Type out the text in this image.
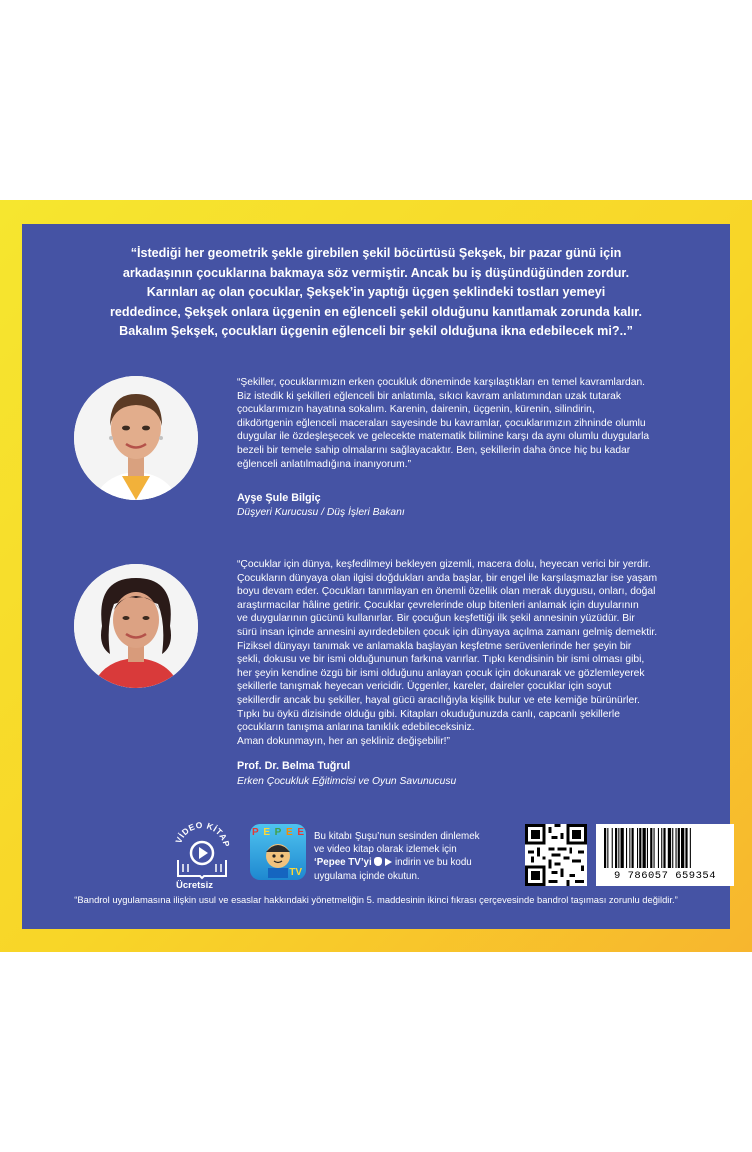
“İstediği her geometrik şekle girebilen şekil böcürtüsü Şekşek, bir pazar günü için
arkadaşının çocuklarına bakmaya söz vermiştir. Ancak bu iş düşündüğünden zordur.
Karınları aç olan çocuklar, Şekşek’in yaptığı üçgen şeklindeki tostları yemeyi
reddedince, Şekşek onlara üçgenin en eğlenceli şekil olduğunu kanıtlamak zorunda kalır.
Bakalım Şekşek, çocukları üçgenin eğlenceli bir şekil olduğuna ikna edebilecek mi?..”

“Şekiller, çocuklarımızın erken çocukluk döneminde karşılaştıkları en temel kavramlardan.
Biz istedik ki şekilleri eğlenceli bir anlatımla, sıkıcı kavram anlatımından uzak tutarak
çocuklarımızın hayatına sokalım. Karenin, dairenin, üçgenin, kürenin, silindirin,
dikdörtgenin eğlenceli maceraları sayesinde bu kavramlar, çocuklarımızın zihninde olumlu
duygular ile özdeşleşecek ve gelecekte matematik bilimine karşı da aynı olumlu duygularla
bezeli bir temele sahip olmalarını sağlayacaktır. Ben, şekillerin daha önce hiç bu kadar
eğlenceli anlatılmadığına inanıyorum.”

Ayşe Şule Bilgiç
Düşyeri Kurucusu / Düş İşleri Bakanı

“Çocuklar için dünya, keşfedilmeyi bekleyen gizemli, macera dolu, heyecan verici bir yerdir.
Çocukların dünyaya olan ilgisi doğdukları anda başlar, bir engel ile karşılaşmazlar ise yaşam
boyu devam eder. Çocukları tanımlayan en önemli özellik olan merak duygusu, onları, doğal
araştırmacılar hâline getirir. Çocuklar çevrelerinde olup bitenleri anlamak için duyularının
ve duygularının gücünü kullanırlar. Bir çocuğun keşfettiği ilk şekil annesinin yüzüdür. Bir
sürü insan içinde annesini ayırdedebilen çocuk için dünyaya açılma zamanı gelmiş demektir.
Fiziksel dünyayı tanımak ve anlamakla başlayan keşfetme serüvenlerinde her şeyin bir
şekli, dokusu ve bir ismi olduğununun farkına varırlar. Tıpkı kendisinin bir ismi olması gibi,
her şeyin kendine özgü bir ismi olduğunu anlayan çocuk için dokunarak ve gözlemleyerek
şekillerle tanışmak heyecan vericidir. Üçgenler, kareler, daireler çocuklar için soyut
şekillerdir ancak bu şekiller, hayal gücü aracılığıyla kişilik bulur ve ete kemiğe bürünürler.
Tıpkı bu öykü dizisinde olduğu gibi. Kitapları okuduğunuzda canlı, capcanlı şekillerle
çocukların tanışma anlarına tanıklık edebileceksiniz.
Aman dokunmayın, her an şekliniz değişebilir!”

Prof. Dr. Belma Tuğrul
Erken Çocukluk Eğitimcisi ve Oyun Savunucusu
VİDEO KİTAP
Ücretsiz
P E P E E
TV
Bu kitabı Şuşu’nun sesinden dinlemek
ve video kitap olarak izlemek için
‘Pepee TV’yi indirin ve bu kodu
uygulama içinde okutun.	9 786057 659354
“Bandrol uygulamasına ilişkin usul ve esaslar hakkındaki yönetmeliğin 5. maddesinin ikinci fıkrası çerçevesinde bandrol taşıması zorunlu değildir.”
